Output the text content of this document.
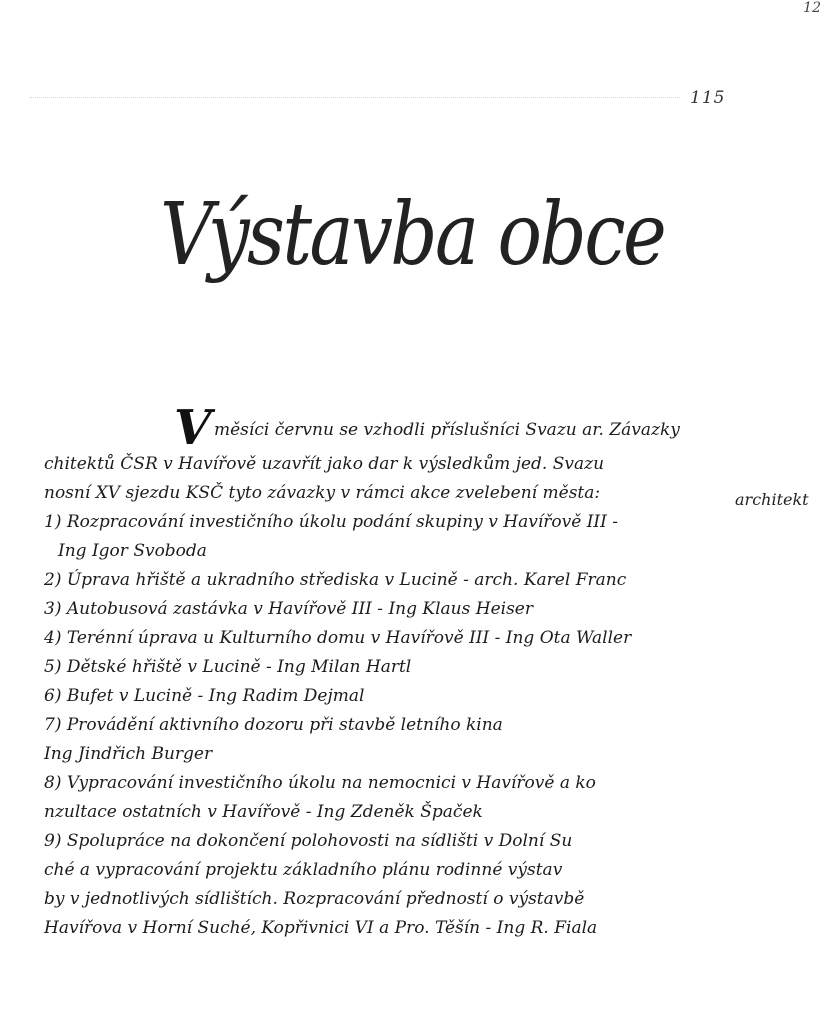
12
115
Výstavba obce
architekt
V měsíci červnu se vzhodli příslušníci Svazu ar. Závazky
chitektů ČSR v Havířově uzavřít jako dar k výsledkům jed. Svazu
nosní XV sjezdu KSČ tyto závazky v rámci akce zvelebení města:
1) Rozpracování investičního úkolu podání skupiny v Havířově III -
Ing Igor Svoboda
2) Úprava hřiště a ukradního střediska v Lucině - arch. Karel Franc
3) Autobusová zastávka v Havířově III - Ing Klaus Heiser
4) Terénní úprava u Kulturního domu v Havířově III - Ing Ota Waller
5) Dětské hřiště v Lucině - Ing Milan Hartl
6) Bufet v Lucině - Ing Radim Dejmal
7) Provádění aktivního dozoru při stavbě letního kina
Ing Jindřich Burger
8) Vypracování investičního úkolu na nemocnici v Havířově a ko
nzultace ostatních v Havířově - Ing Zdeněk Špaček
9) Spolupráce na dokončení polohovosti na sídlišti v Dolní Su
ché a vypracování projektu základního plánu rodinné výstav
by v jednotlivých sídlištích. Rozpracování předností o výstavbě
Havířova v Horní Suché, Kopřivnici VI a Pro. Těšín - Ing R. Fiala
